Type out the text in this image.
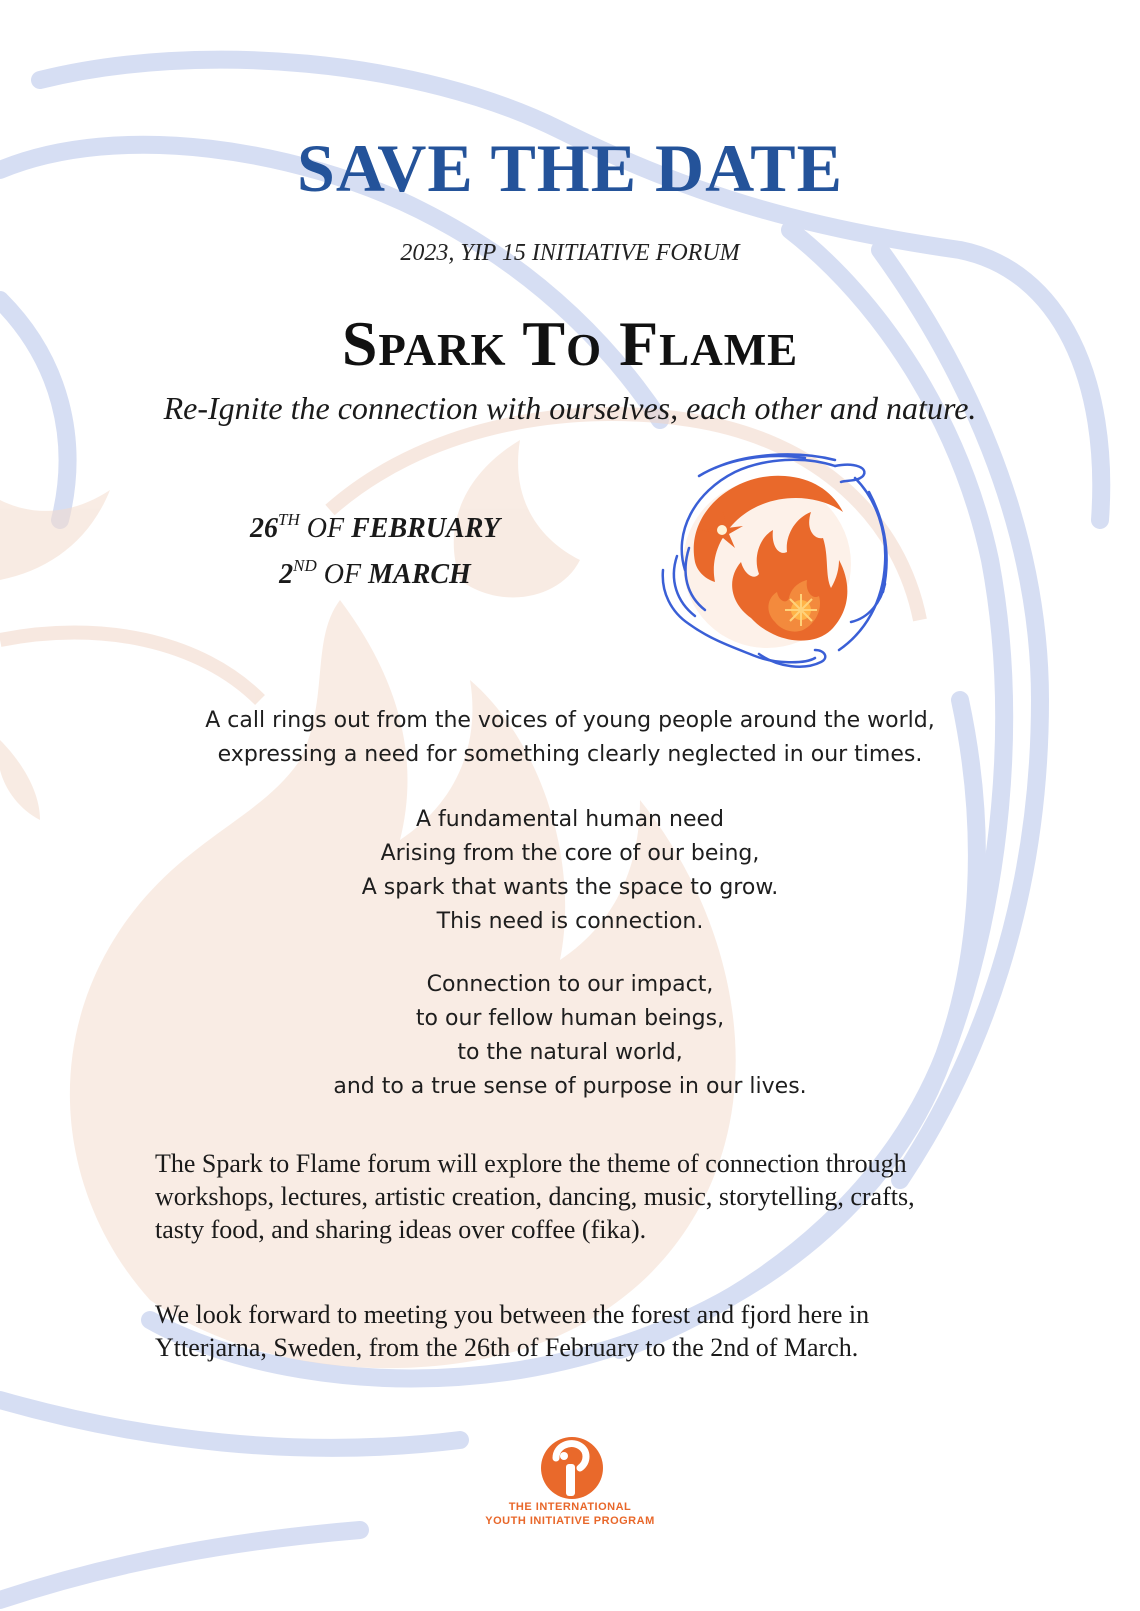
SAVE THE DATE
2023, YIP 15 INITIATIVE FORUM
Spark To Flame
Re-Ignite the connection with ourselves, each other and nature.
26TH OF FEBRUARY
2ND OF MARCH
A call rings out from the voices of young people around the world,
expressing a need for something clearly neglected in our times.
A fundamental human need
Arising from the core of our being,
A spark that wants the space to grow.
This need is connection.
Connection to our impact,
to our fellow human beings,
to the natural world,
and to a true sense of purpose in our lives.
The Spark to Flame forum will explore the theme of connection through
workshops, lectures, artistic creation, dancing, music, storytelling, crafts,
tasty food, and sharing ideas over coffee (fika).
We look forward to meeting you between the forest and fjord here in
Ytterjarna, Sweden, from the 26th of February to the 2nd of March.
THE INTERNATIONAL
YOUTH INITIATIVE PROGRAM
